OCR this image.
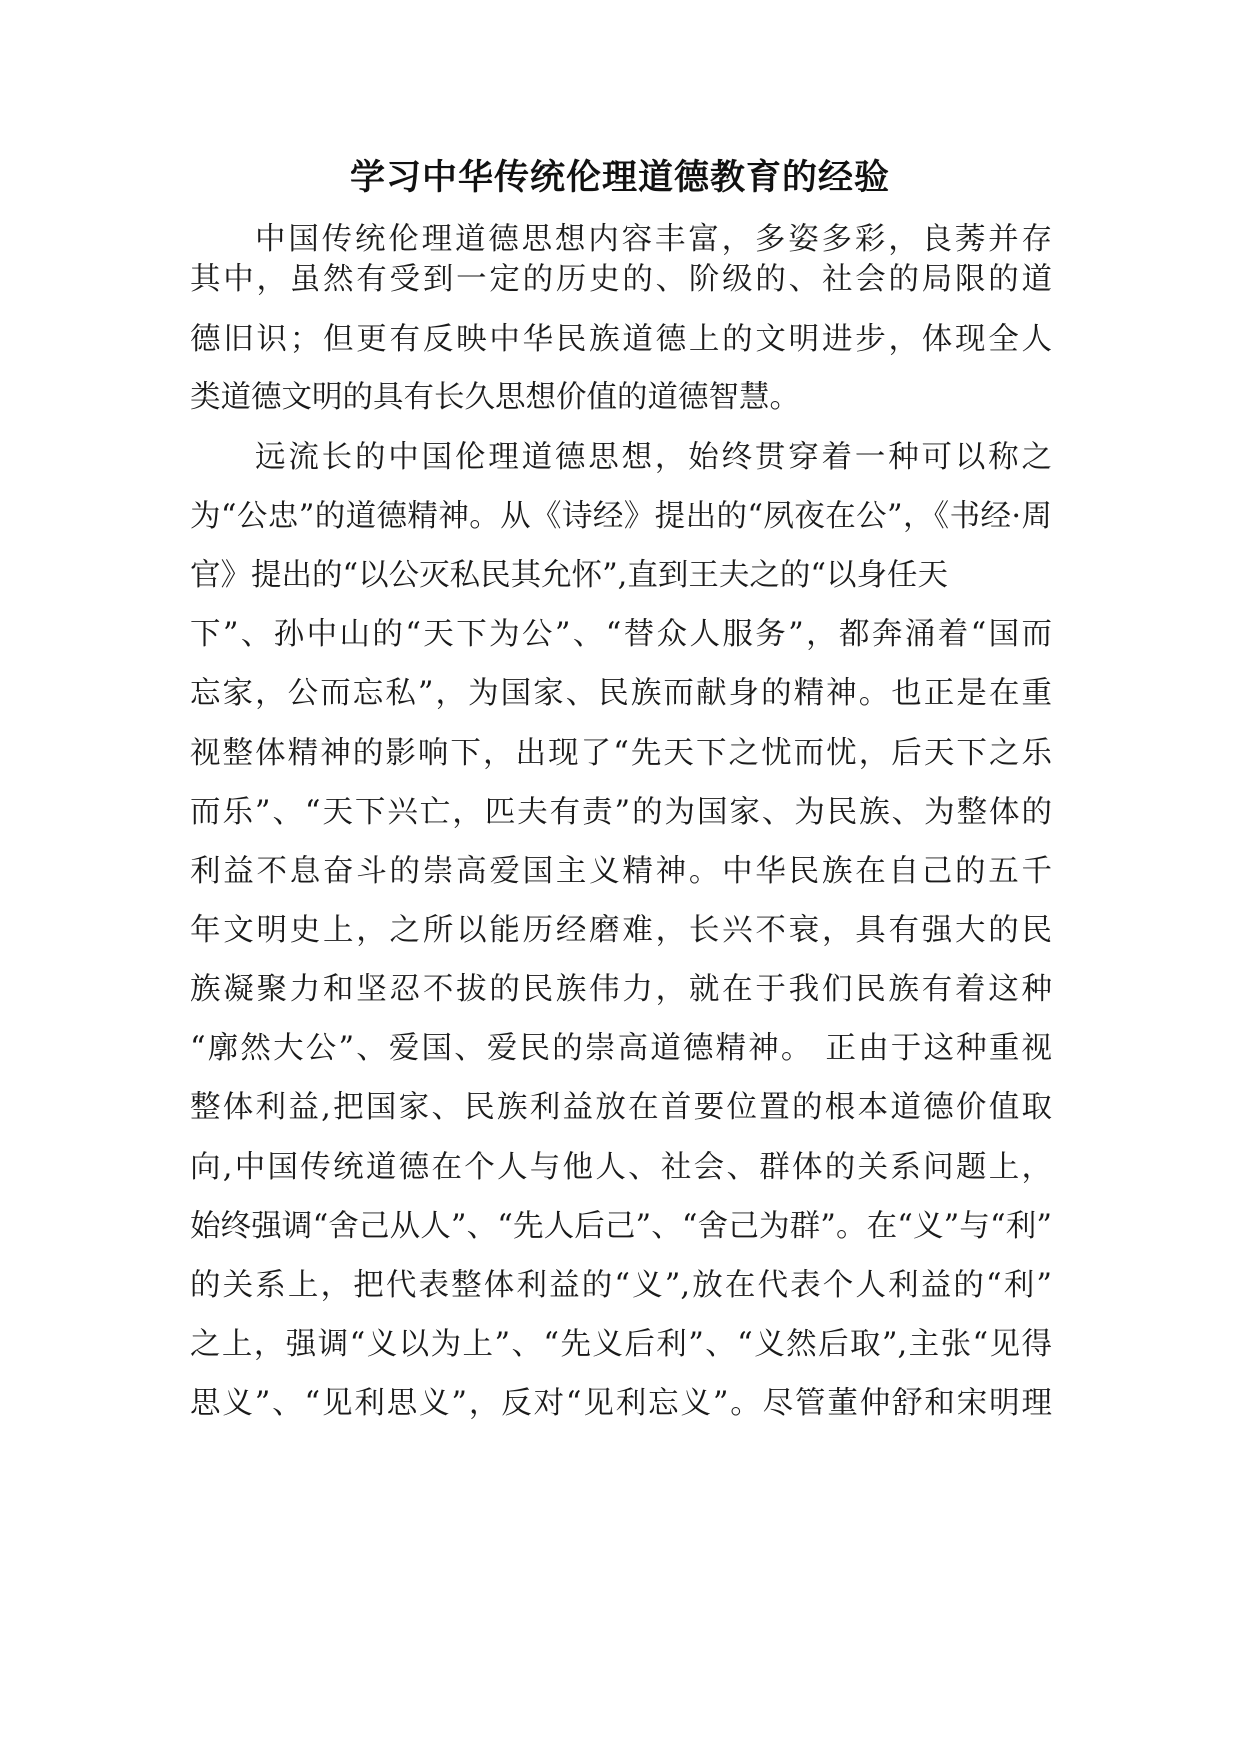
学习中华传统伦理道德教育的经验
中国传统伦理道德思想内容丰富，多姿多彩，良莠并存
其中，虽然有受到一定的历史的、阶级的、社会的局限的道
德旧识；但更有反映中华民族道德上的文明进步，体现全人
类道德文明的具有长久思想价值的道德智慧。
远流长的中国伦理道德思想，始终贯穿着一种可以称之
为“公忠”的道德精神。从《诗经》提出的“夙夜在公”，《书经·周
官》提出的“以公灭私民其允怀”,直到王夫之的“以身任天
下”、孙中山的“天下为公”、“替众人服务”，都奔涌着“国而
忘家，公而忘私”，为国家、民族而献身的精神。也正是在重
视整体精神的影响下，出现了“先天下之忧而忧，后天下之乐
而乐”、“天下兴亡，匹夫有责”的为国家、为民族、为整体的
利益不息奋斗的崇高爱国主义精神。中华民族在自己的五千
年文明史上，之所以能历经磨难，长兴不衰，具有强大的民
族凝聚力和坚忍不拔的民族伟力，就在于我们民族有着这种
“廓然大公”、爱国、爱民的崇高道德精神。 正由于这种重视
整体利益,把国家、民族利益放在首要位置的根本道德价值取
向,中国传统道德在个人与他人、社会、群体的关系问题上，
始终强调“舍己从人”、“先人后己”、“舍己为群”。在“义”与“利”
的关系上，把代表整体利益的“义”,放在代表个人利益的“利”
之上，强调“义以为上”、“先义后利”、“义然后取”,主张“见得
思义”、“见利思义”，反对“见利忘义”。尽管董仲舒和宋明理
